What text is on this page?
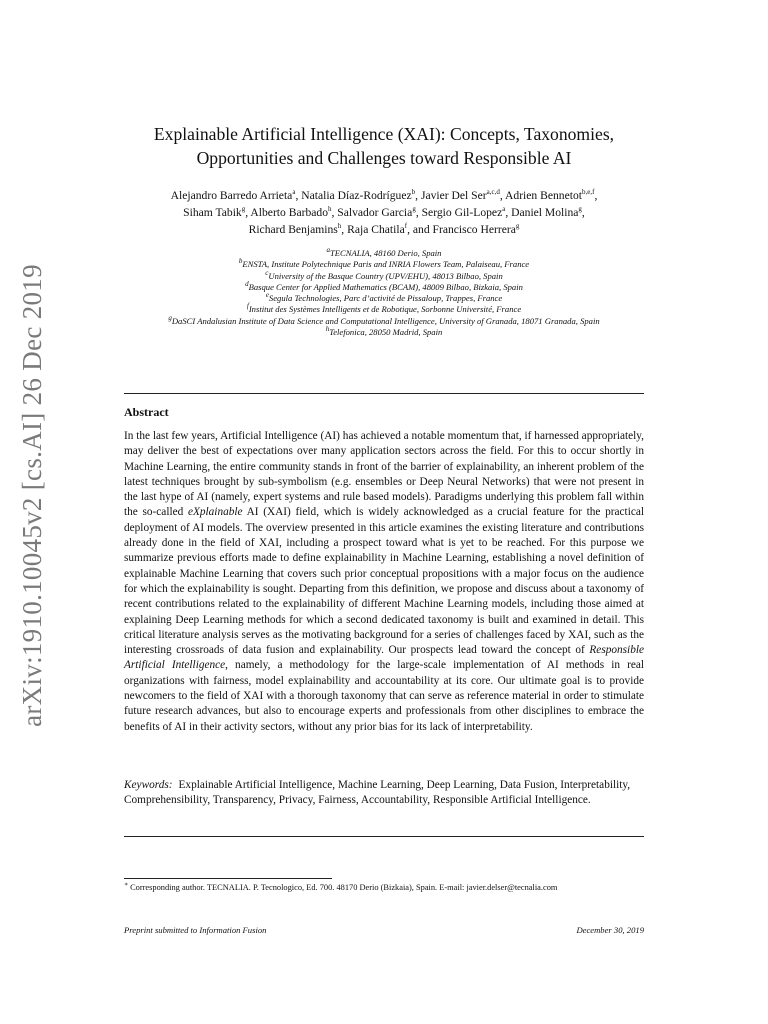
arXiv:1910.10045v2 [cs.AI] 26 Dec 2019
Explainable Artificial Intelligence (XAI): Concepts, Taxonomies,
Opportunities and Challenges toward Responsible AI
Alejandro Barredo Arrieta$^a$, Natalia Díaz-Rodríguez$^b$, Javier Del Ser$^{a,c,d}$, Adrien Bennetot$^{b,e,f}$,
Siham Tabik$^g$, Alberto Barbado$^h$, Salvador Garcia$^g$, Sergio Gil-Lopez$^a$, Daniel Molina$^g$,
Richard Benjamins$^h$, Raja Chatila$^f$, and Francisco Herrera$^g$
$^a$TECNALIA, 48160 Derio, Spain
$^b$ENSTA, Institute Polytechnique Paris and INRIA Flowers Team, Palaiseau, France
$^c$University of the Basque Country (UPV/EHU), 48013 Bilbao, Spain
$^d$Basque Center for Applied Mathematics (BCAM), 48009 Bilbao, Bizkaia, Spain
$^e$Segula Technologies, Parc d’activité de Pissaloup, Trappes, France
$^f$Institut des Systèmes Intelligents et de Robotique, Sorbonne Université, France
$^g$DaSCI Andalusian Institute of Data Science and Computational Intelligence, University of Granada, 18071 Granada, Spain
$^h$Telefonica, 28050 Madrid, Spain
Abstract
In the last few years, Artificial Intelligence (AI) has achieved a notable momentum that, if harnessed appropriately, may deliver the best of expectations over many application sectors across the field. For this to occur shortly in Machine Learning, the entire community stands in front of the barrier of explainability, an inherent problem of the latest techniques brought by sub-symbolism (e.g. ensembles or Deep Neural Networks) that were not present in the last hype of AI (namely, expert systems and rule based models). Paradigms underlying this problem fall within the so-called eXplainable AI (XAI) field, which is widely acknowledged as a crucial feature for the practical deployment of AI models. The overview presented in this article examines the existing literature and contributions already done in the field of XAI, including a prospect toward what is yet to be reached. For this purpose we summarize previous efforts made to define explainability in Machine Learning, establishing a novel definition of explainable Machine Learning that covers such prior conceptual propositions with a major focus on the audience for which the explainability is sought. Departing from this definition, we propose and discuss about a taxonomy of recent contributions related to the explainability of different Machine Learning models, including those aimed at explaining Deep Learning methods for which a second dedicated taxonomy is built and examined in detail. This critical literature analysis serves as the motivating background for a series of challenges faced by XAI, such as the interesting crossroads of data fusion and explainability. Our prospects lead toward the concept of Responsible Artificial Intelligence, namely, a methodology for the large-scale implementation of AI methods in real organizations with fairness, model explainability and accountability at its core. Our ultimate goal is to provide newcomers to the field of XAI with a thorough taxonomy that can serve as reference material in order to stimulate future research advances, but also to encourage experts and professionals from other disciplines to embrace the benefits of AI in their activity sectors, without any prior bias for its lack of interpretability.
Keywords: Explainable Artificial Intelligence, Machine Learning, Deep Learning, Data Fusion, Interpretability, Comprehensibility, Transparency, Privacy, Fairness, Accountability, Responsible Artificial Intelligence.
∗ Corresponding author. TECNALIA. P. Tecnologico, Ed. 700. 48170 Derio (Bizkaia), Spain. E-mail: javier.delser@tecnalia.com
Preprint submitted to Information Fusion	December 30, 2019
